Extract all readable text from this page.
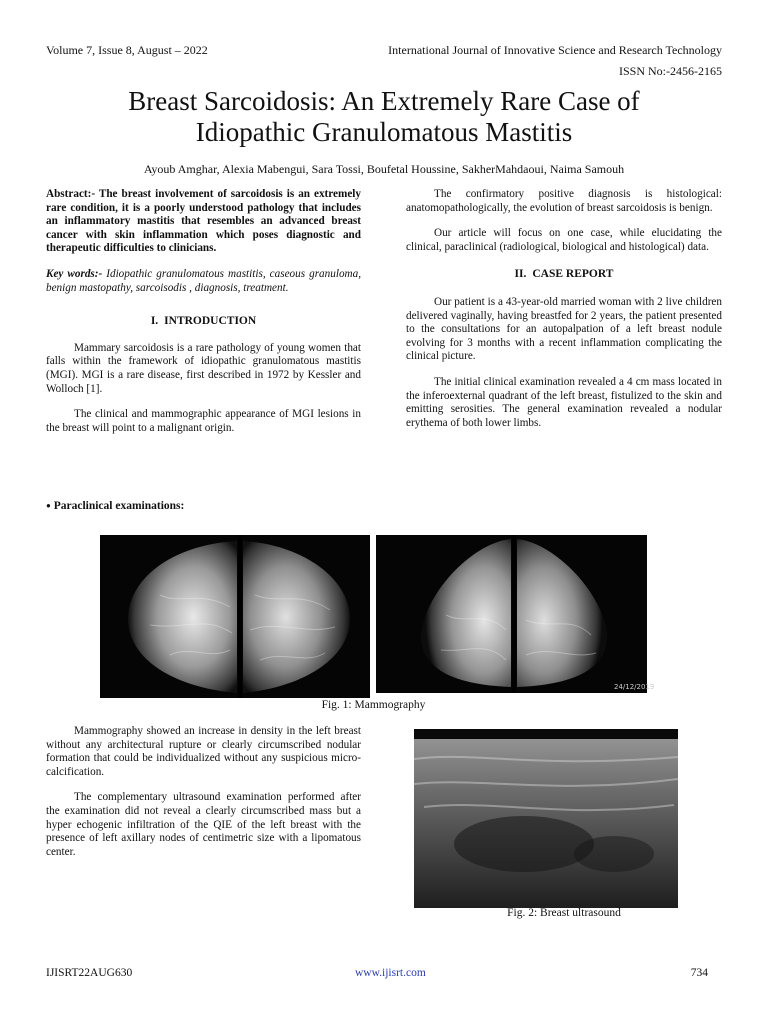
Volume 7, Issue 8, August – 2022	International Journal of Innovative Science and Research Technology
ISSN No:-2456-2165
Breast Sarcoidosis: An Extremely Rare Case of
Idiopathic Granulomatous Mastitis
Ayoub Amghar, Alexia Mabengui, Sara Tossi, Boufetal Houssine, SakherMahdaoui, Naima Samouh

Abstract:- The breast involvement of sarcoidosis is an extremely rare condition, it is a poorly understood pathology that includes an inflammatory mastitis that resembles an advanced breast cancer with skin inflammation which poses diagnostic and therapeutic difficulties to clinicians.

Key words:- Idiopathic granulomatous mastitis, caseous granuloma, benign mastopathy, sarcoisodis , diagnosis, treatment.

I. INTRODUCTION

Mammary sarcoidosis is a rare pathology of young women that falls within the framework of idiopathic granulomatous mastitis (MGI). MGI is a rare disease, first described in 1972 by Kessler and Wolloch [1].

The clinical and mammographic appearance of MGI lesions in the breast will point to a malignant origin.

The confirmatory positive diagnosis is histological: anatomopathologically, the evolution of breast sarcoidosis is benign.

Our article will focus on one case, while elucidating the clinical, paraclinical (radiological, biological and histological) data.

II. CASE REPORT

Our patient is a 43-year-old married woman with 2 live children delivered vaginally, having breastfed for 2 years, the patient presented to the consultations for an autopalpation of a left breast nodule evolving for 3 months with a recent inflammation complicating the clinical picture.

The initial clinical examination revealed a 4 cm mass located in the inferoexternal quadrant of the left breast, fistulized to the skin and emitting serosities. The general examination revealed a nodular erythema of both lower limbs.

● Paraclinical examinations:
24/12/2019
Fig. 1: Mammography

Mammography showed an increase in density in the left breast without any architectural rupture or clearly circumscribed nodular formation that could be individualized without any suspicious micro-calcification.

The complementary ultrasound examination performed after the examination did not reveal a clearly circumscribed mass but a hyper echogenic infiltration of the QIE of the left breast with the presence of left axillary nodes of centimetric size with a lipomatous center.

Fig. 2: Breast ultrasound
IJISRT22AUG630	www.ijisrt.com	734
